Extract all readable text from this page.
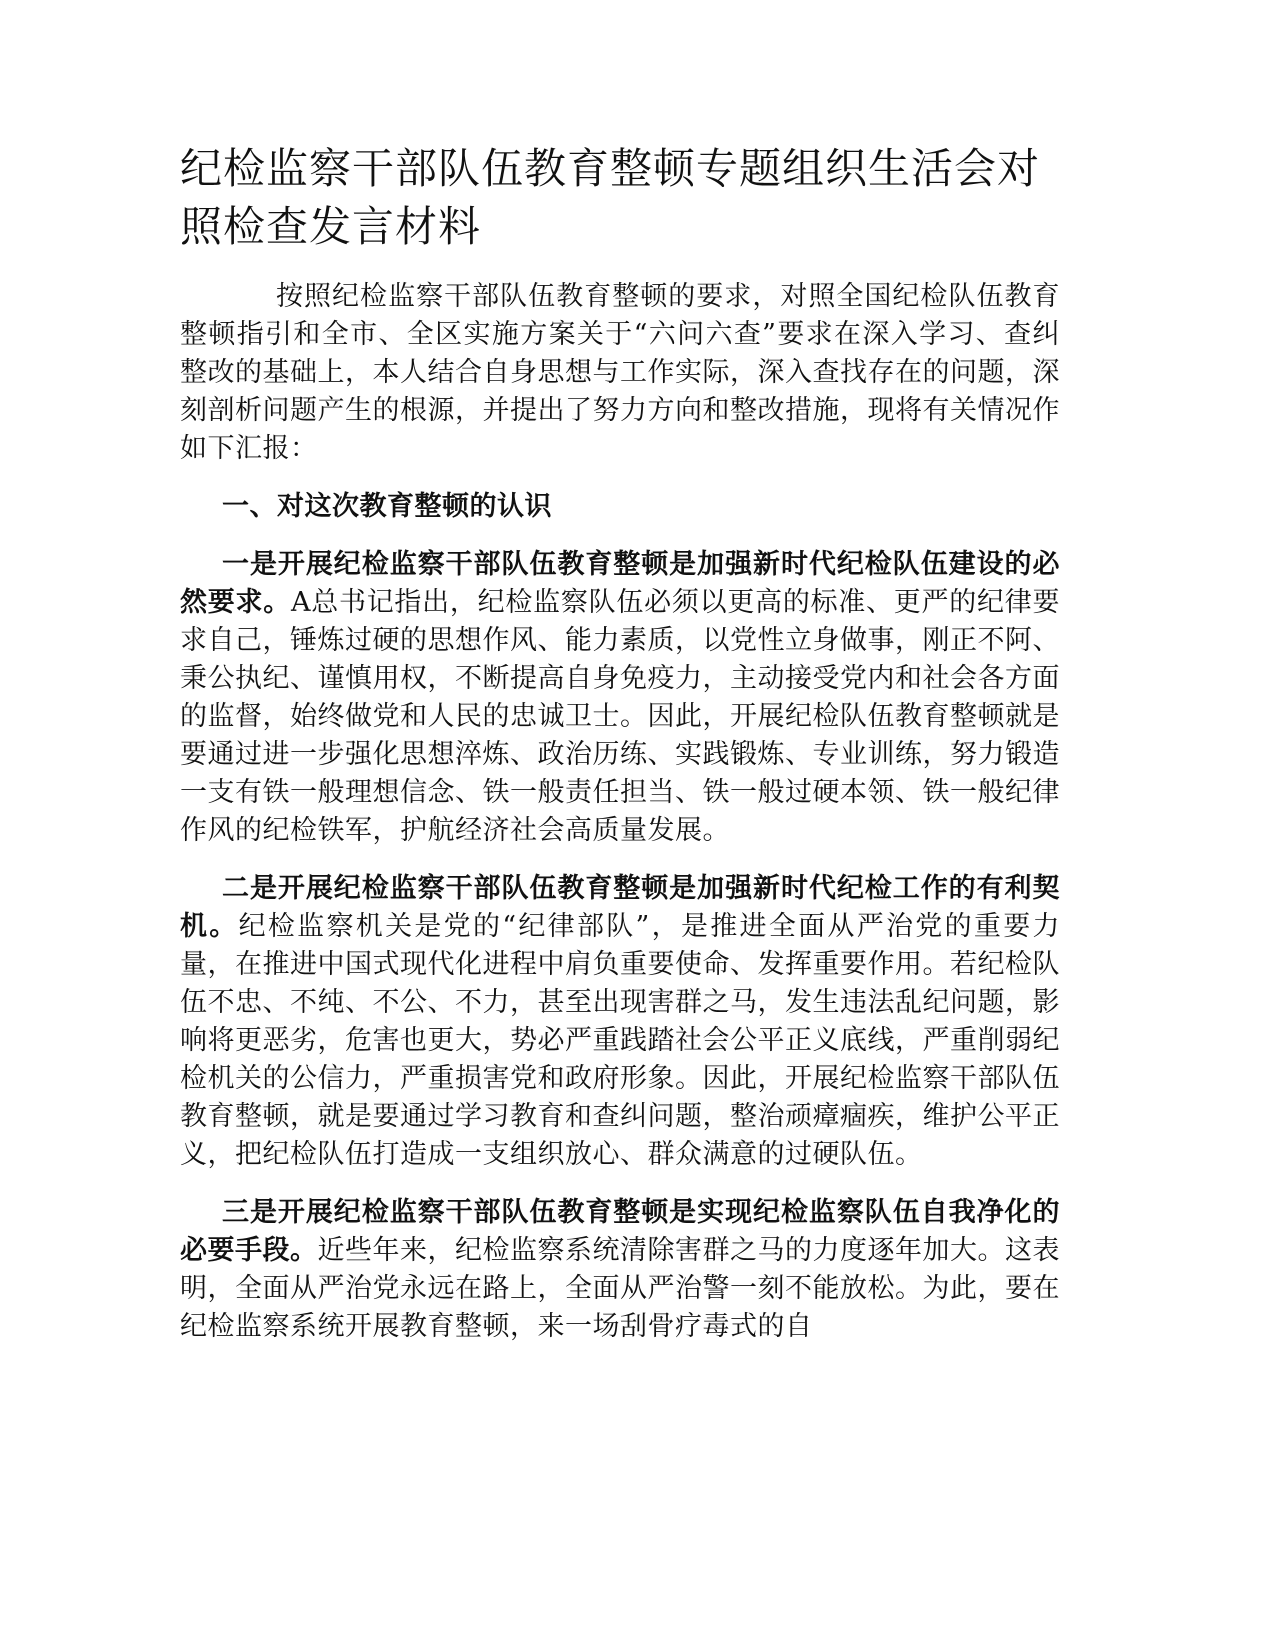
纪检监察干部队伍教育整顿专题组织生活会对照检查发言材料

按照纪检监察干部队伍教育整顿的要求，对照全国纪检队伍教育整顿指引和全市、全区实施方案关于“六问六查”要求在深入学习、查纠整改的基础上，本人结合自身思想与工作实际，深入查找存在的问题，深刻剖析问题产生的根源，并提出了努力方向和整改措施，现将有关情况作如下汇报：

一、对这次教育整顿的认识

一是开展纪检监察干部队伍教育整顿是加强新时代纪检队伍建设的必然要求。A总书记指出，纪检监察队伍必须以更高的标准、更严的纪律要求自己，锤炼过硬的思想作风、能力素质，以党性立身做事，刚正不阿、秉公执纪、谨慎用权，不断提高自身免疫力，主动接受党内和社会各方面的监督，始终做党和人民的忠诚卫士。因此，开展纪检队伍教育整顿就是要通过进一步强化思想淬炼、政治历练、实践锻炼、专业训练，努力锻造一支有铁一般理想信念、铁一般责任担当、铁一般过硬本领、铁一般纪律作风的纪检铁军，护航经济社会高质量发展。

二是开展纪检监察干部队伍教育整顿是加强新时代纪检工作的有利契机。纪检监察机关是党的“纪律部队”，是推进全面从严治党的重要力量，在推进中国式现代化进程中肩负重要使命、发挥重要作用。若纪检队伍不忠、不纯、不公、不力，甚至出现害群之马，发生违法乱纪问题，影响将更恶劣，危害也更大，势必严重践踏社会公平正义底线，严重削弱纪检机关的公信力，严重损害党和政府形象。因此，开展纪检监察干部队伍教育整顿，就是要通过学习教育和查纠问题，整治顽瘴痼疾，维护公平正义，把纪检队伍打造成一支组织放心、群众满意的过硬队伍。

三是开展纪检监察干部队伍教育整顿是实现纪检监察队伍自我净化的必要手段。近些年来，纪检监察系统清除害群之马的力度逐年加大。这表明，全面从严治党永远在路上，全面从严治警一刻不能放松。为此，要在纪检监察系统开展教育整顿，来一场刮骨疗毒式的自
